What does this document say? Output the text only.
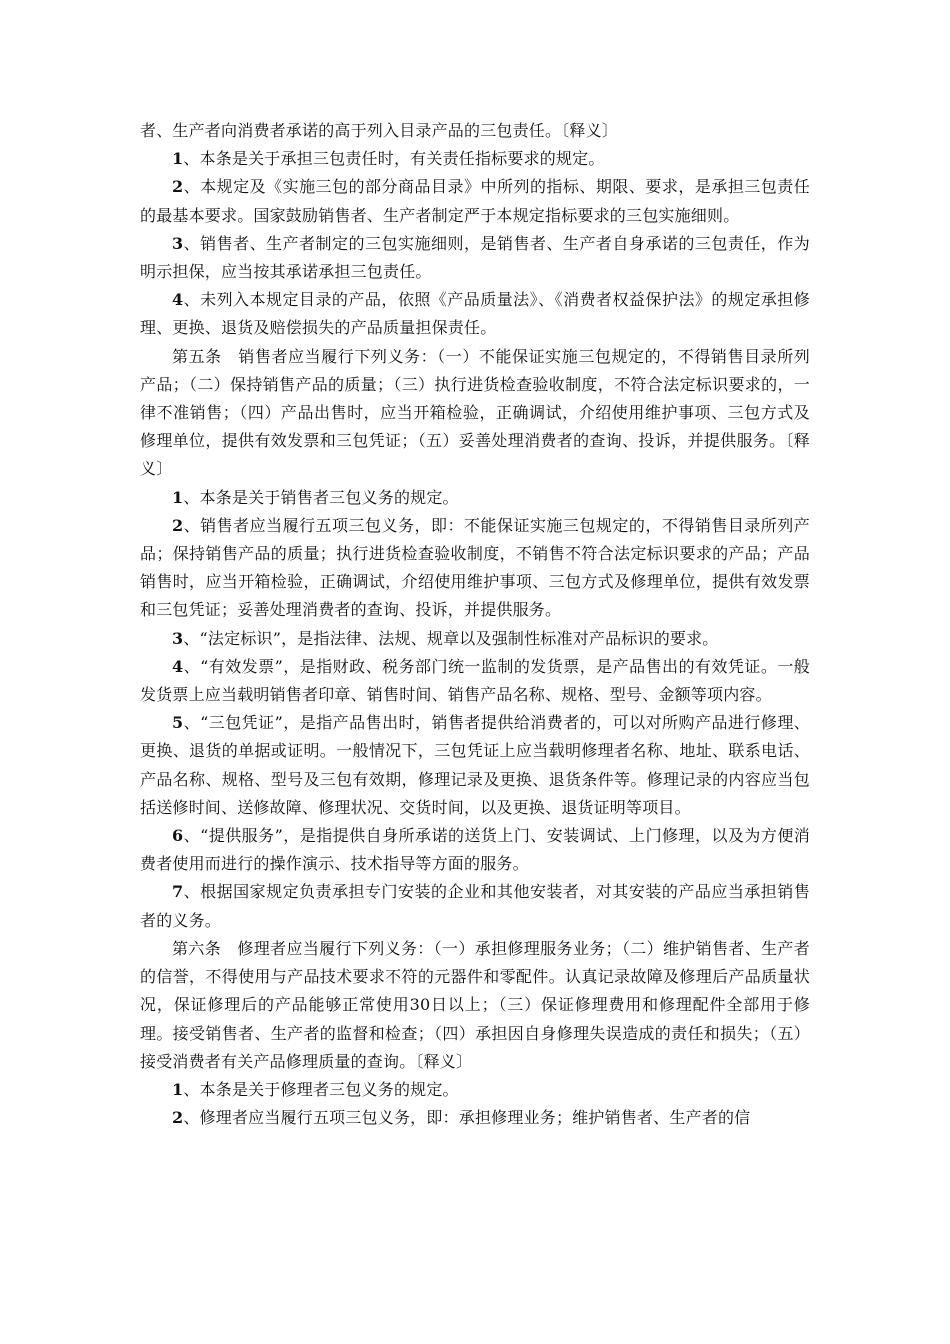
者、生产者向消费者承诺的高于列入目录产品的三包责任。〔释义〕

1、本条是关于承担三包责任时，有关责任指标要求的规定。

2、本规定及《实施三包的部分商品目录》中所列的指标、期限、要求，是承担三包责任的最基本要求。国家鼓励销售者、生产者制定严于本规定指标要求的三包实施细则。

3、销售者、生产者制定的三包实施细则，是销售者、生产者自身承诺的三包责任，作为明示担保，应当按其承诺承担三包责任。

4、未列入本规定目录的产品，依照《产品质量法》、《消费者权益保护法》的规定承担修理、更换、退货及赔偿损失的产品质量担保责任。

第五条　销售者应当履行下列义务：（一）不能保证实施三包规定的，不得销售目录所列产品；（二）保持销售产品的质量；（三）执行进货检查验收制度，不符合法定标识要求的，一律不准销售；（四）产品出售时，应当开箱检验，正确调试，介绍使用维护事项、三包方式及修理单位，提供有效发票和三包凭证；（五）妥善处理消费者的查询、投诉，并提供服务。〔释义〕

1、本条是关于销售者三包义务的规定。

2、销售者应当履行五项三包义务，即：不能保证实施三包规定的，不得销售目录所列产品；保持销售产品的质量；执行进货检查验收制度，不销售不符合法定标识要求的产品；产品销售时，应当开箱检验，正确调试，介绍使用维护事项、三包方式及修理单位，提供有效发票和三包凭证；妥善处理消费者的查询、投诉，并提供服务。

3、“法定标识”，是指法律、法规、规章以及强制性标准对产品标识的要求。

4、“有效发票”，是指财政、税务部门统一监制的发货票，是产品售出的有效凭证。一般发货票上应当载明销售者印章、销售时间、销售产品名称、规格、型号、金额等项内容。

5、“三包凭证”，是指产品售出时，销售者提供给消费者的，可以对所购产品进行修理、更换、退货的单据或证明。一般情况下，三包凭证上应当载明修理者名称、地址、联系电话、产品名称、规格、型号及三包有效期，修理记录及更换、退货条件等。修理记录的内容应当包括送修时间、送修故障、修理状况、交货时间，以及更换、退货证明等项目。

6、“提供服务”，是指提供自身所承诺的送货上门、安装调试、上门修理，以及为方便消费者使用而进行的操作演示、技术指导等方面的服务。

7、根据国家规定负责承担专门安装的企业和其他安装者，对其安装的产品应当承担销售者的义务。

第六条　修理者应当履行下列义务：（一）承担修理服务业务；（二）维护销售者、生产者的信誉，不得使用与产品技术要求不符的元器件和零配件。认真记录故障及修理后产品质量状况，保证修理后的产品能够正常使用30日以上；（三）保证修理费用和修理配件全部用于修理。接受销售者、生产者的监督和检查；（四）承担因自身修理失误造成的责任和损失；（五）接受消费者有关产品修理质量的查询。〔释义〕

1、本条是关于修理者三包义务的规定。

2、修理者应当履行五项三包义务，即：承担修理业务；维护销售者、生产者的信
